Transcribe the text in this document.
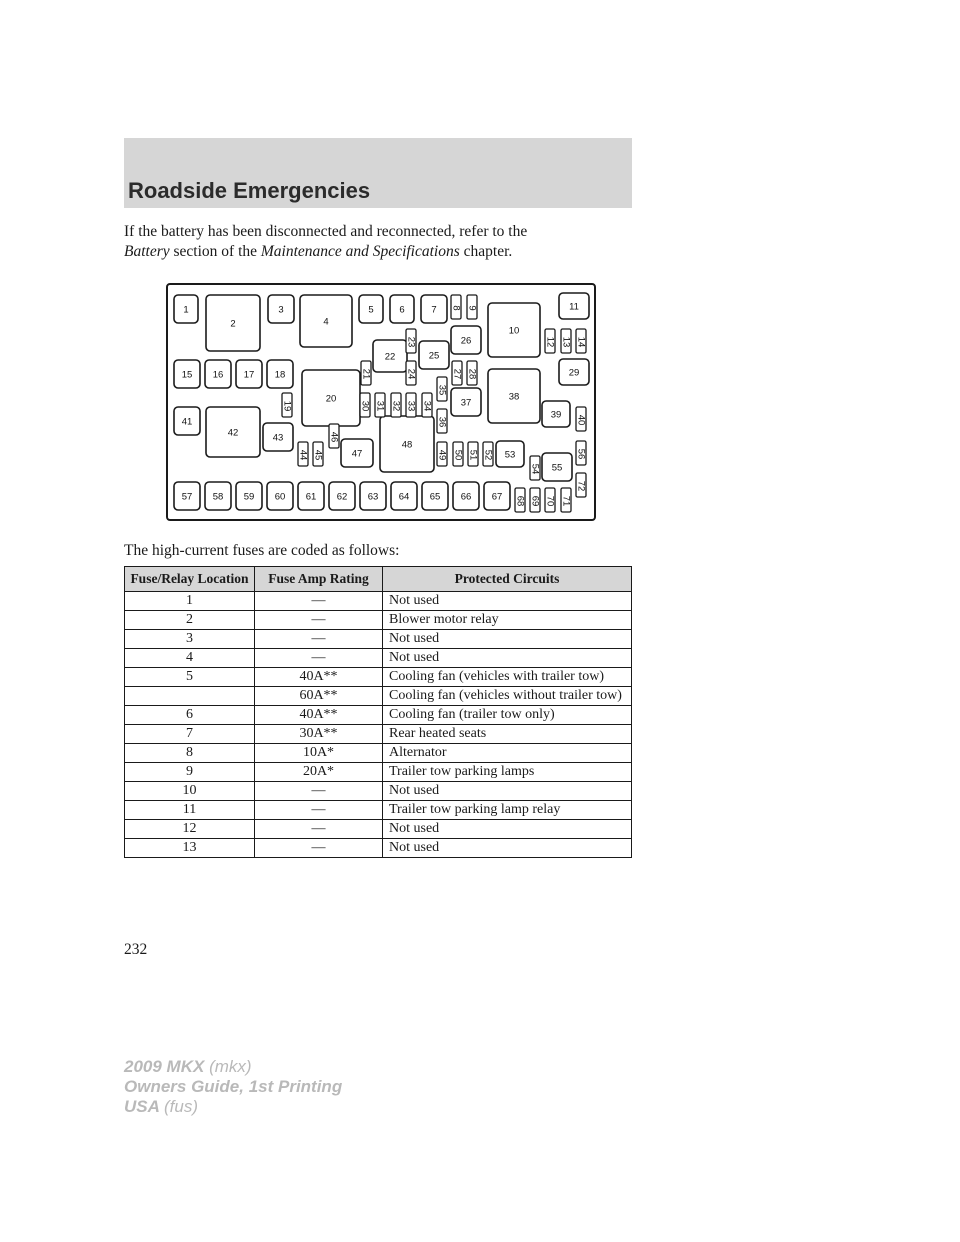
Roadside Emergencies
If the battery has been disconnected and reconnected, refer to the
Battery section of the Maintenance and Specifications chapter.
1
2
3
4
5	6	7
10
11
15 16 17 18
20
22	25
26
29
37
38
39
41
42	43
47
48
53
55
57 58 59 60 61 62 63 64 65 66 67
8 9
12 13 14
19
21
23
24	27 28
30 31 32 33 34
35
36	40
44 45
46
49 50 51 52
54
56
68 69 70 71
72
The high-current fuses are coded as follows:
Fuse/Relay Location	Fuse Amp Rating	Protected Circuits
1	—	Not used
2	—	Blower motor relay
3	—	Not used
4	—	Not used
5	40A**	Cooling fan (vehicles with trailer tow)
	60A**	Cooling fan (vehicles without trailer tow)
6	40A**	Cooling fan (trailer tow only)
7	30A**	Rear heated seats
8	10A*	Alternator
9	20A*	Trailer tow parking lamps
10	—	Not used
11	—	Trailer tow parking lamp relay
12	—	Not used
13	—	Not used
232
2009 MKX (mkx)
Owners Guide, 1st Printing
USA (fus)
